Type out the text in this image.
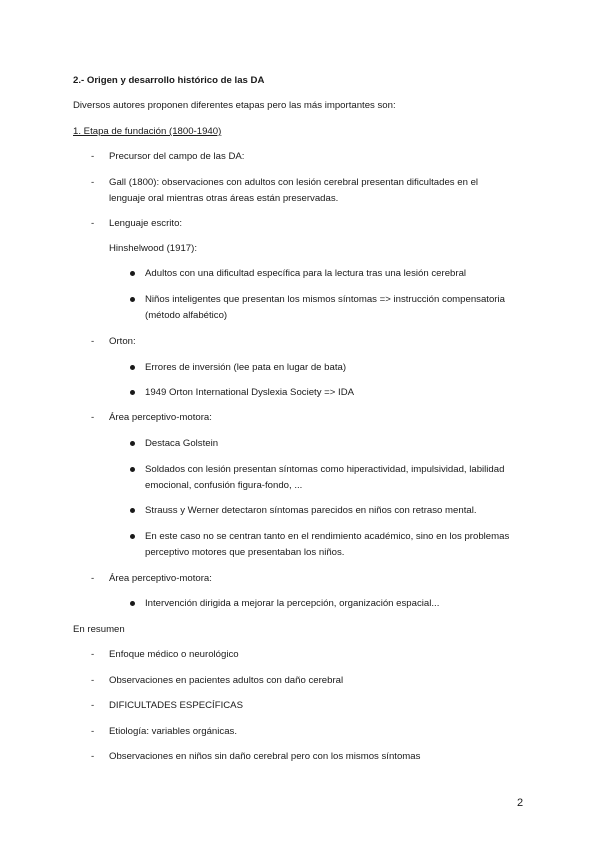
2.- Origen y desarrollo histórico de las DA
Diversos autores proponen diferentes etapas pero las más importantes son:
1. Etapa de fundación (1800-1940)
- Precursor del campo de las DA:
- Gall (1800): observaciones con adultos con lesión cerebral presentan dificultades en el
lenguaje oral mientras otras áreas están preservadas.
- Lenguaje escrito:
Hinshelwood (1917):
Adultos con una dificultad específica para la lectura tras una lesión cerebral
Niños inteligentes que presentan los mismos síntomas => instrucción compensatoria
(método alfabético)
- Orton:
Errores de inversión (lee pata en lugar de bata)
1949 Orton International Dyslexia Society => IDA
- Área perceptivo-motora:
Destaca Golstein
Soldados con lesión presentan síntomas como hiperactividad, impulsividad, labilidad
emocional, confusión figura-fondo, ...
Strauss y Werner detectaron síntomas parecidos en niños con retraso mental.
En este caso no se centran tanto en el rendimiento académico, sino en los problemas
perceptivo motores que presentaban los niños.
- Área perceptivo-motora:
Intervención dirigida a mejorar la percepción, organización espacial...
En resumen
- Enfoque médico o neurológico
- Observaciones en pacientes adultos con daño cerebral
- DIFICULTADES ESPECÍFICAS
- Etiología: variables orgánicas.
- Observaciones en niños sin daño cerebral pero con los mismos síntomas
2
